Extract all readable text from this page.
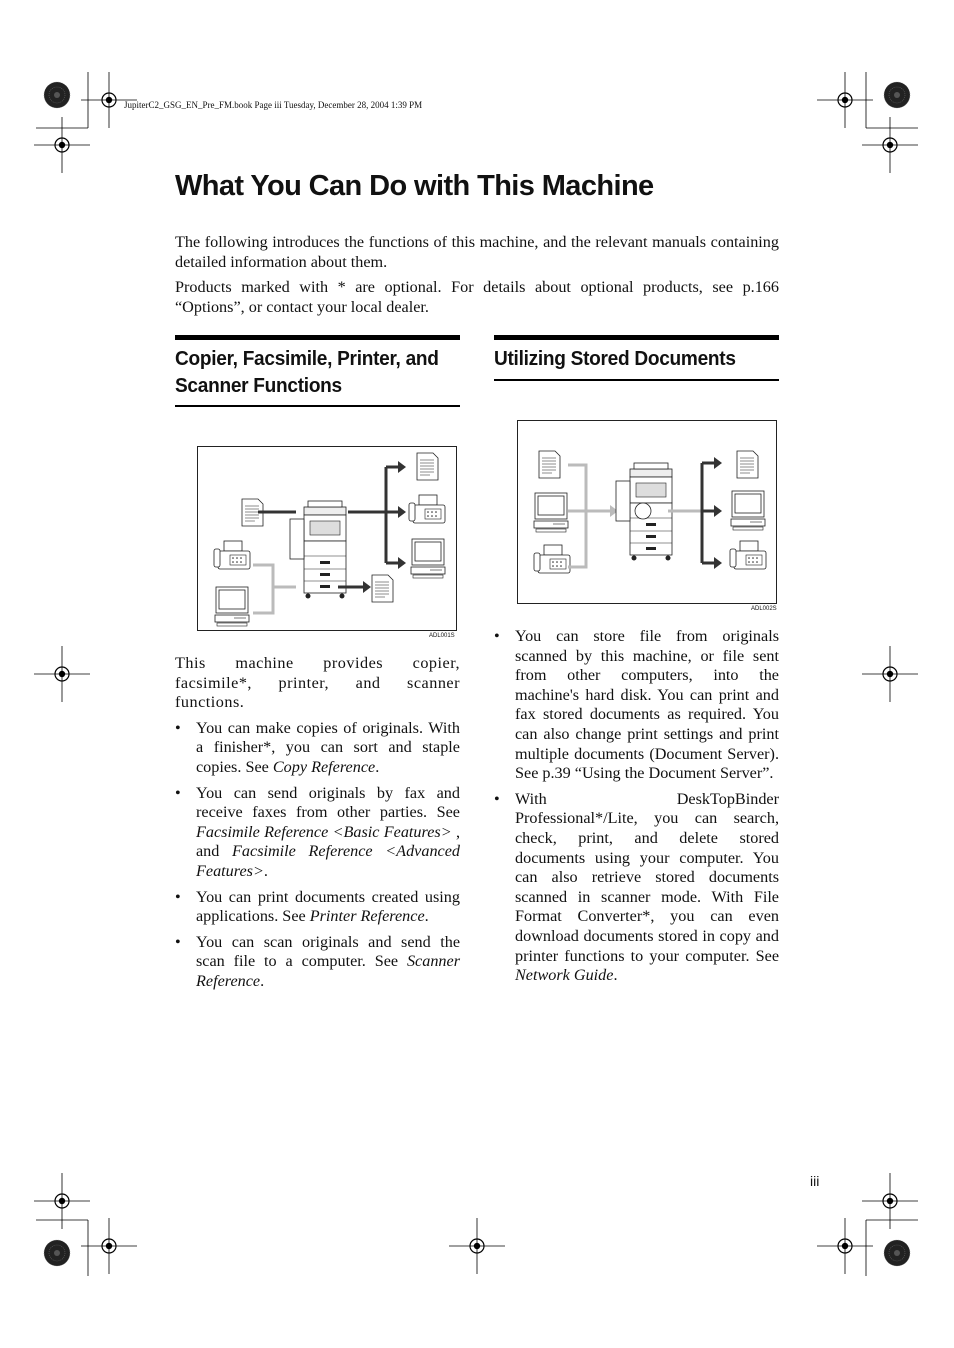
JupiterC2_GSG_EN_Pre_FM.book Page iii Tuesday, December 28, 2004 1:39 PM
What You Can Do with This Machine

The following introduces the functions of this machine, and the relevant manuals containing detailed information about them.

Products marked with * are optional. For details about optional products, see p.166 “Options”, or contact your local dealer.

Copier, Facsimile, Printer, and Scanner Functions
Utilizing Stored Documents
ADL001S
ADL002S

This machine provides copier, facsimile*, printer, and scanner functions.

• You can make copies of originals. With a finisher*, you can sort and staple copies. See Copy Reference.
• You can send originals by fax and receive faxes from other parties. See Facsimile Reference <Basic Features> , and Facsimile Reference <Advanced Features>.
• You can print documents created using applications. See Printer Reference.
• You can scan originals and send the scan file to a computer. See Scanner Reference.
• You can store file from originals scanned by this machine, or file sent from other computers, into the machine's hard disk. You can print and fax stored documents as required. You can also change print settings and print multiple documents (Document Server). See p.39 “Using the Document Server”.
• With DeskTopBinder Professional*/Lite, you can search, check, print, and delete stored documents using your computer. You can also retrieve stored documents scanned in scanner mode. With File Format Converter*, you can even download documents stored in copy and printer functions to your computer. See Network Guide.
iii
